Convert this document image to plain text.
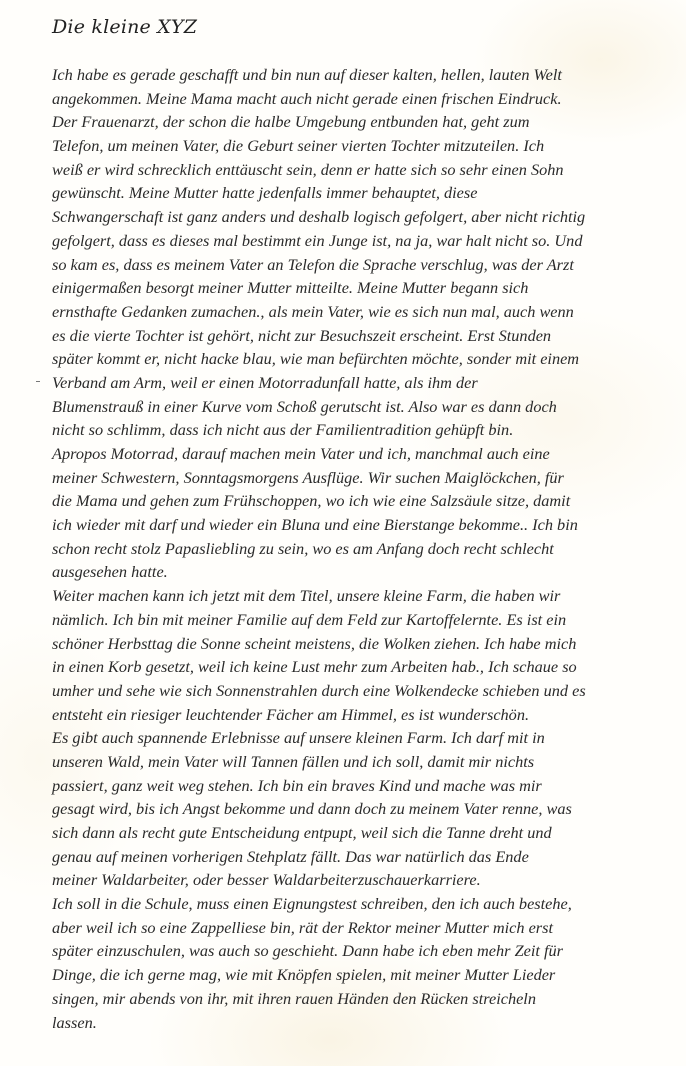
Die kleine XYZ
Ich habe es gerade geschafft und bin nun auf dieser kalten, hellen, lauten Welt
angekommen. Meine Mama macht auch nicht gerade einen frischen Eindruck.
Der Frauenarzt, der schon die halbe Umgebung entbunden hat, geht zum
Telefon, um meinen Vater, die Geburt seiner vierten Tochter mitzuteilen. Ich
weiß er wird schrecklich enttäuscht sein, denn er hatte sich so sehr einen Sohn
gewünscht. Meine Mutter hatte jedenfalls immer behauptet, diese
Schwangerschaft ist ganz anders und deshalb logisch gefolgert, aber nicht richtig
gefolgert, dass es dieses mal bestimmt ein Junge ist, na ja, war halt nicht so. Und
so kam es, dass es meinem Vater an Telefon die Sprache verschlug, was der Arzt
einigermaßen besorgt meiner Mutter mitteilte. Meine Mutter begann sich
ernsthafte Gedanken zumachen., als mein Vater, wie es sich nun mal, auch wenn
es die vierte Tochter ist gehört, nicht zur Besuchszeit erscheint. Erst Stunden
später kommt er, nicht hacke blau, wie man befürchten möchte, sonder mit einem
Verband am Arm, weil er einen Motorradunfall hatte, als ihm der
Blumenstrauß in einer Kurve vom Schoß gerutscht ist. Also war es dann doch
nicht so schlimm, dass ich nicht aus der Familientradition gehüpft bin.
Apropos Motorrad, darauf machen mein Vater und ich, manchmal auch eine
meiner Schwestern, Sonntagsmorgens Ausflüge. Wir suchen Maiglöckchen, für
die Mama und gehen zum Frühschoppen, wo ich wie eine Salzsäule sitze, damit
ich wieder mit darf und wieder ein Bluna und eine Bierstange bekomme.. Ich bin
schon recht stolz Papasliebling zu sein, wo es am Anfang doch recht schlecht
ausgesehen hatte.
Weiter machen kann ich jetzt mit dem Titel, unsere kleine Farm, die haben wir
nämlich. Ich bin mit meiner Familie auf dem Feld zur Kartoffelernte. Es ist ein
schöner Herbsttag die Sonne scheint meistens, die Wolken ziehen. Ich habe mich
in einen Korb gesetzt, weil ich keine Lust mehr zum Arbeiten hab., Ich schaue so
umher und sehe wie sich Sonnenstrahlen durch eine Wolkendecke schieben und es
entsteht ein riesiger leuchtender Fächer am Himmel, es ist wunderschön.
Es gibt auch spannende Erlebnisse auf unsere kleinen Farm. Ich darf mit in
unseren Wald, mein Vater will Tannen fällen und ich soll, damit mir nichts
passiert, ganz weit weg stehen. Ich bin ein braves Kind und mache was mir
gesagt wird, bis ich Angst bekomme und dann doch zu meinem Vater renne, was
sich dann als recht gute Entscheidung entpupt, weil sich die Tanne dreht und
genau auf meinen vorherigen Stehplatz fällt. Das war natürlich das Ende
meiner Waldarbeiter, oder besser Waldarbeiterzuschauerkarriere.
Ich soll in die Schule, muss einen Eignungstest schreiben, den ich auch bestehe,
aber weil ich so eine Zappelliese bin, rät der Rektor meiner Mutter mich erst
später einzuschulen, was auch so geschieht. Dann habe ich eben mehr Zeit für
Dinge, die ich gerne mag, wie mit Knöpfen spielen, mit meiner Mutter Lieder
singen, mir abends von ihr, mit ihren rauen Händen den Rücken streicheln
lassen.
